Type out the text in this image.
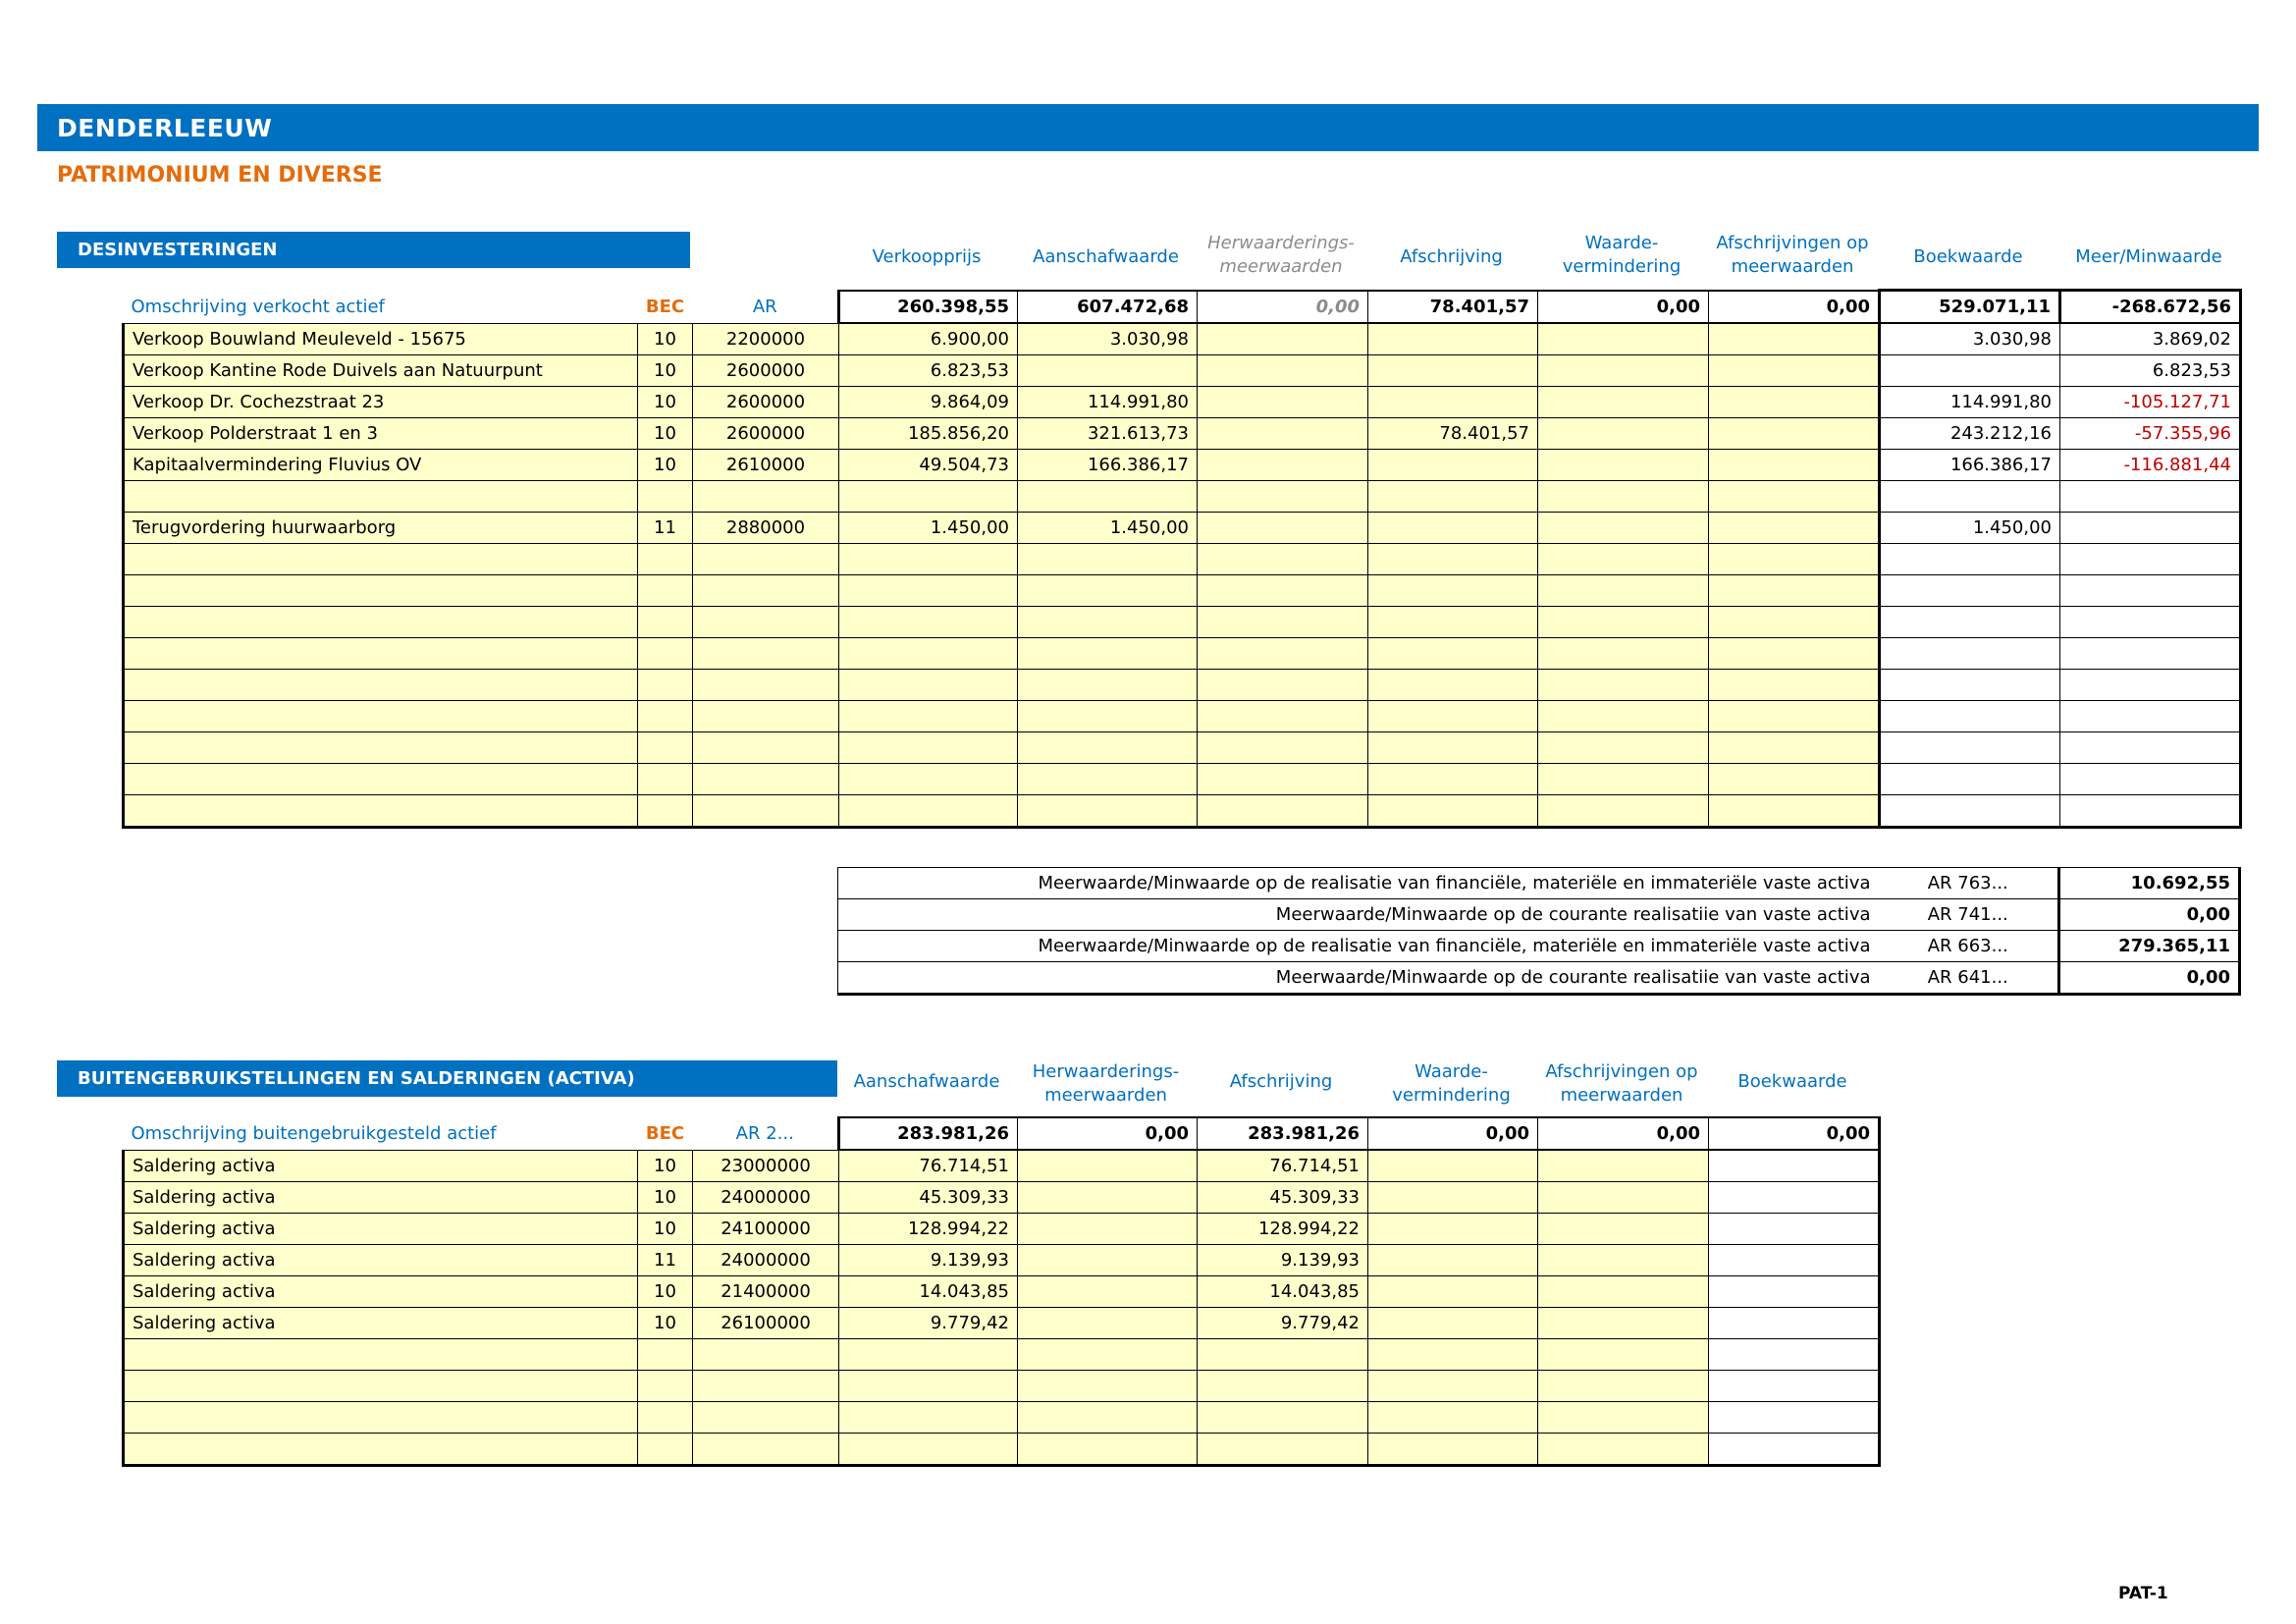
DENDERLEEUW
PATRIMONIUM EN DIVERSE
DESINVESTERINGEN	Verkoopprijs	Aanschafwaarde
Herwaarderings-
meerwaarden	Afschrijving
Waarde-
vermindering
Afschrijvingen op
meerwaarden	Boekwaarde	Meer/Minwaarde
Omschrijving verkocht actief	BEC	AR	260.398,55	607.472,68	0,00	78.401,57	0,00	0,00	529.071,11	-268.672,56
Verkoop Bouwland Meuleveld - 15675	10	2200000	6.900,00	3.030,98					3.030,98	3.869,02
Verkoop Kantine Rode Duivels aan Natuurpunt	10	2600000	6.823,53							6.823,53
Verkoop Dr. Cochezstraat 23	10	2600000	9.864,09	114.991,80					114.991,80	-105.127,71
Verkoop Polderstraat 1 en 3	10	2600000	185.856,20	321.613,73		78.401,57			243.212,16	-57.355,96
Kapitaalvermindering Fluvius OV	10	2610000	49.504,73	166.386,17					166.386,17	-116.881,44

Terugvordering huurwaarborg	11	2880000	1.450,00	1.450,00					1.450,00	

Meerwaarde/Minwaarde op de realisatie van financiële, materiële en immateriële vaste activa	AR 763...	10.692,55
Meerwaarde/Minwaarde op de courante realisatiie van vaste activa	AR 741...	0,00
Meerwaarde/Minwaarde op de realisatie van financiële, materiële en immateriële vaste activa	AR 663...	279.365,11
Meerwaarde/Minwaarde op de courante realisatiie van vaste activa	AR 641...	0,00
BUITENGEBRUIKSTELLINGEN EN SALDERINGEN (ACTIVA)	Aanschafwaarde	Herwaarderings-
meerwaarden
Afschrijving	Waarde-
vermindering
Afschrijvingen op
meerwaarden
Boekwaarde
Omschrijving buitengebruikgesteld actief	BEC	AR 2...	283.981,26	0,00	283.981,26	0,00	0,00	0,00
Saldering activa	10	23000000	76.714,51		76.714,51			
Saldering activa	10	24000000	45.309,33		45.309,33			
Saldering activa	10	24100000	128.994,22		128.994,22			
Saldering activa	11	24000000	9.139,93		9.139,93			
Saldering activa	10	21400000	14.043,85		14.043,85			
Saldering activa	10	26100000	9.779,42		9.779,42			

PAT-1
